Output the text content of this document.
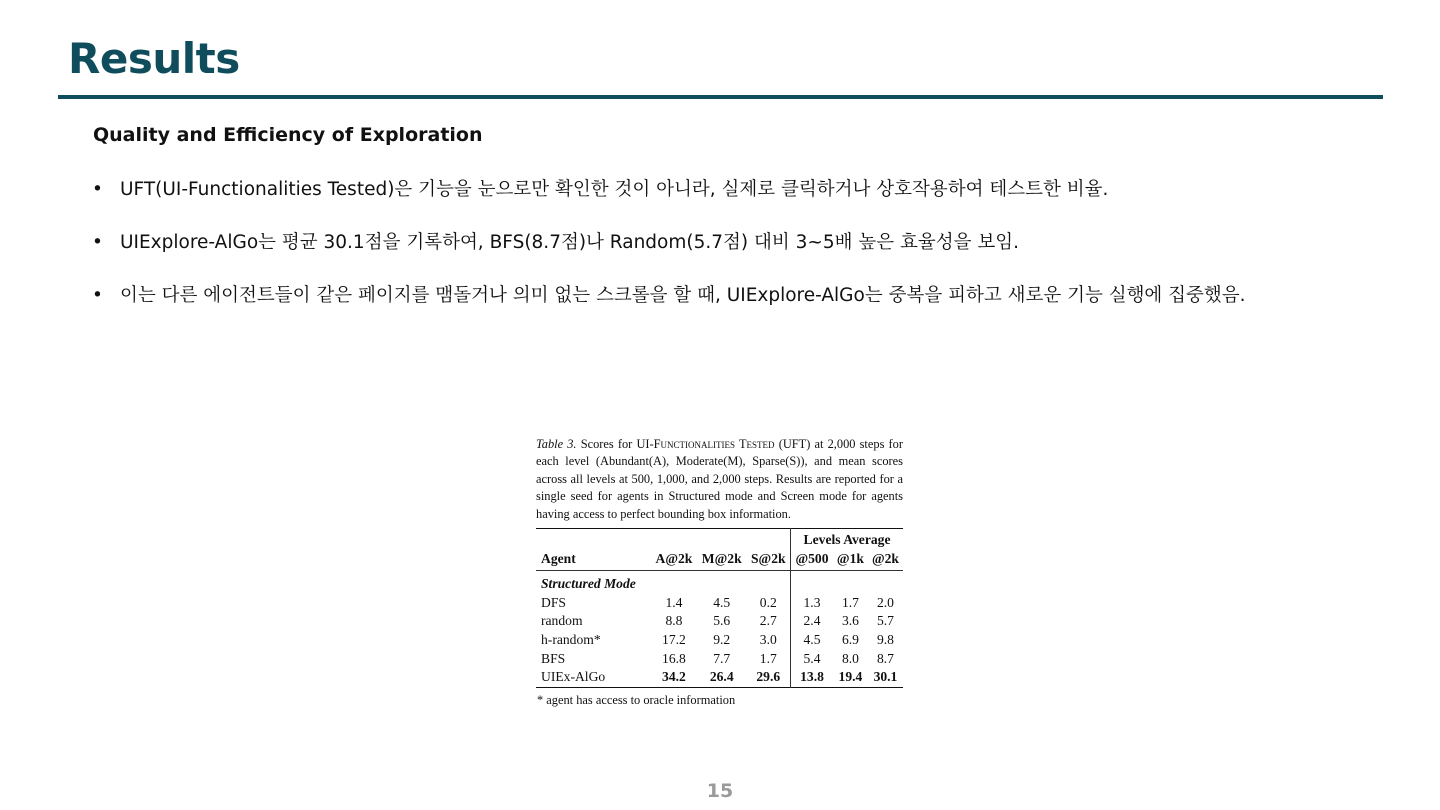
Results
Quality and Efficiency of Exploration
• UFT(UI-Functionalities Tested)은 기능을 눈으로만 확인한 것이 아니라, 실제로 클릭하거나 상호작용하여 테스트한 비율.
• UIExplore-AlGo는 평균 30.1점을 기록하여, BFS(8.7점)나 Random(5.7점) 대비 3~5배 높은 효율성을 보임.
• 이는 다른 에이전트들이 같은 페이지를 맴돌거나 의미 없는 스크롤을 할 때, UIExplore-AlGo는 중복을 피하고 새로운 기능 실행에 집중했음.

Table 3. Scores for UI-Functionalities Tested (UFT) at 2,000 steps for each level (Abundant(A), Moderate(M), Sparse(S)), and mean scores across all levels at 500, 1,000, and 2,000 steps. Results are reported for a single seed for agents in Structured mode and Screen mode for agents having access to perfect bounding box information.

				Levels Average		
Agent	A@2k	M@2k	S@2k	@500	@1k	@2k
Structured Mode						
DFS	1.4	4.5	0.2	1.3	1.7	2.0
random	8.8	5.6	2.7	2.4	3.6	5.7
h-random*	17.2	9.2	3.0	4.5	6.9	9.8
BFS	16.8	7.7	1.7	5.4	8.0	8.7
UIEx-AlGo	34.2	26.4	29.6	13.8	19.4	30.1
* agent has access to oracle information
15
